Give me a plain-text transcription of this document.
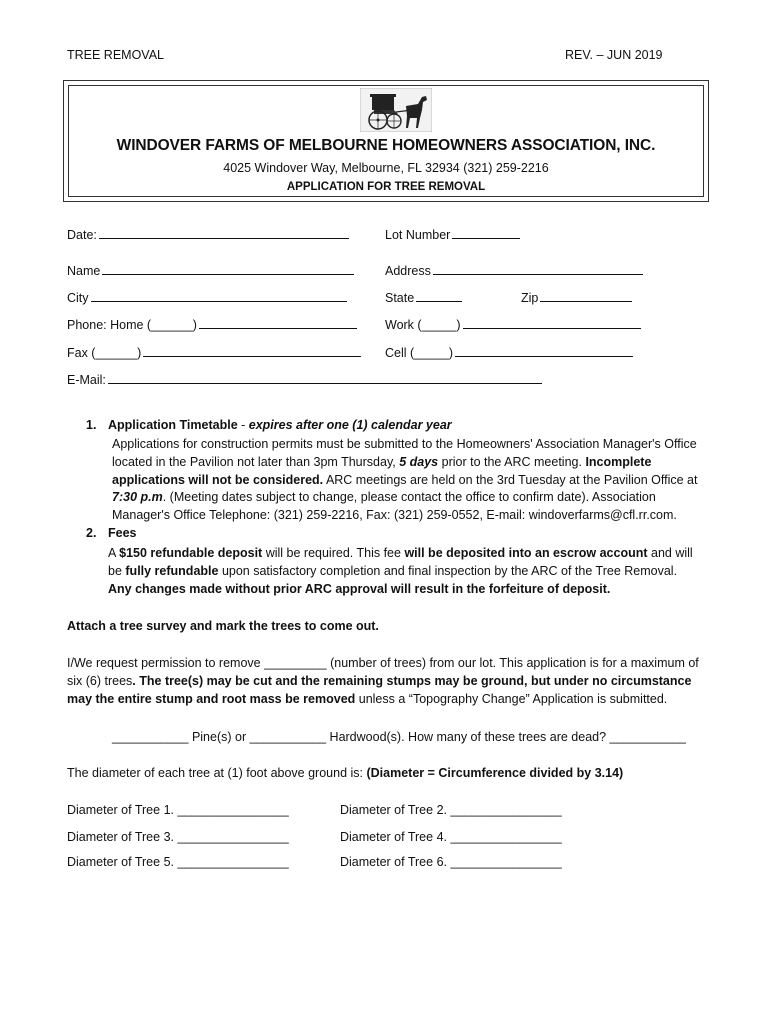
TREE REMOVAL	REV. – JUN 2019
WINDOVER FARMS OF MELBOURNE HOMEOWNERS ASSOCIATION, INC.
4025 Windover Way, Melbourne, FL 32934 (321) 259-2216
APPLICATION FOR TREE REMOVAL
Date:	Lot Number
Name	Address
City	State	Zip
Phone: Home (______)	Work (_____)
Fax (______)	Cell (_____)
E-Mail:
1. Application Timetable - expires after one (1) calendar year
Applications for construction permits must be submitted to the Homeowners' Association Manager's Office located in the Pavilion not later than 3pm Thursday, 5 days prior to the ARC meeting. Incomplete applications will not be considered. ARC meetings are held on the 3rd Tuesday at the Pavilion Office at 7:30 p.m. (Meeting dates subject to change, please contact the office to confirm date). Association Manager's Office Telephone: (321) 259-2216, Fax: (321) 259-0552, E-mail: windoverfarms@cfl.rr.com.
2. Fees
A $150 refundable deposit will be required. This fee will be deposited into an escrow account and will be fully refundable upon satisfactory completion and final inspection by the ARC of the Tree Removal. Any changes made without prior ARC approval will result in the forfeiture of deposit.
Attach a tree survey and mark the trees to come out.
I/We request permission to remove _________ (number of trees) from our lot. This application is for a maximum of six (6) trees. The tree(s) may be cut and the remaining stumps may be ground, but under no circumstance may the entire stump and root mass be removed unless a “Topography Change” Application is submitted.
___________ Pine(s) or ___________ Hardwood(s). How many of these trees are dead? ___________
The diameter of each tree at (1) foot above ground is: (Diameter = Circumference divided by 3.14)
Diameter of Tree 1. ________________	Diameter of Tree 2. ________________
Diameter of Tree 3. ________________	Diameter of Tree 4. ________________
Diameter of Tree 5. ________________	Diameter of Tree 6. ________________
